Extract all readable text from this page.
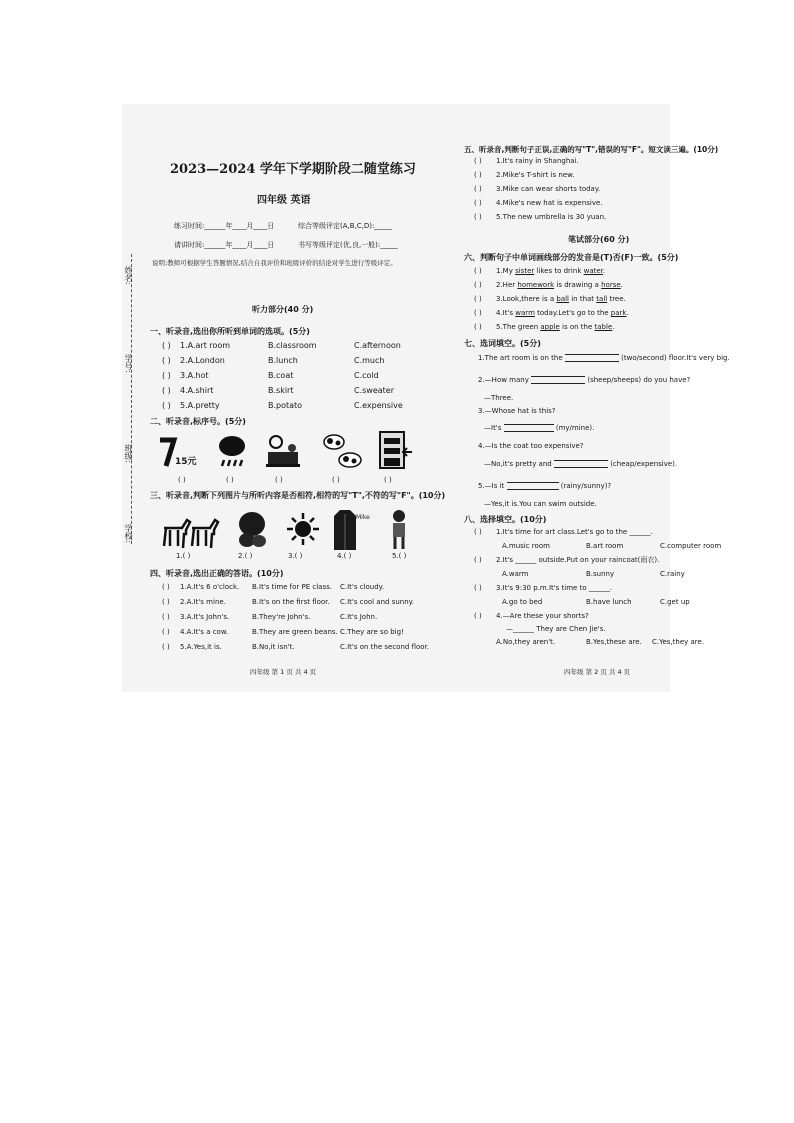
姓名:
学号:
班级:
学校:
2023—2024 学年下学期阶段二随堂练习
四年级 英语
练习时间:______年____月____日	综合等级评定(A,B,C,D):_____
请讲时间:______年____月____日	书写等级评定(优,良,一般):_____
说明:教师可根据学生答题情况,结合自我评价和班级评价的结论对学生进行等级评定。
听力部分(40 分)
一、听录音,选出你所听到单词的选项。(5分)
( ) 1.A.art room	B.classroom	C.afternoon
( ) 2.A.London	B.lunch	C.much
( ) 3.A.hot	B.coat	C.cold
( ) 4.A.shirt	B.skirt	C.sweater
( ) 5.A.pretty	B.potato	C.expensive
二、听录音,标序号。(5分)
15元
( )	( )	( )	( )	( )
三、听录音,判断下列图片与所听内容是否相符,相符的写"T",不符的写"F"。(10分)
Mike
1.( )	2.( )	3.( )	4.( )	5.( )
四、听录音,选出正确的答语。(10分)
( ) 1.A.It's 6 o'clock. B.It's time for PE class. C.It's cloudy.
( ) 2.A.It's mine.	B.It's on the first floor. C.It's cool and sunny.
( ) 3.A.It's John's.	B.They're John's.	C.It's John.
( ) 4.A.It's a cow.	B.They are green beans. C.They are so big!
( ) 5.A.Yes,it is.	B.No,it isn't.	C.It's on the second floor.
四年级 第 1 页 共 4 页
五、听录音,判断句子正误,正确的写"T",错误的写"F"。短文读三遍。(10分)
( ) 1.It's rainy in Shanghai.
( ) 2.Mike's T-shirt is new.
( ) 3.Mike can wear shorts today.
( ) 4.Mike's new hat is expensive.
( ) 5.The new umbrella is 30 yuan.
笔试部分(60 分)
六、判断句子中单词画线部分的发音是(T)否(F)一致。(5分)
( ) 1.My sister likes to drink water.
( ) 2.Her homework is drawing a horse.
( ) 3.Look,there is a ball in that tall tree.
( ) 4.It's warm today.Let's go to the park.
( ) 5.The green apple is on the table.
七、选词填空。(5分)
1.The art room is on the	(two/second) floor.It's very big.
2.—How many	(sheep/sheeps) do you have?
—Three.
3.—Whose hat is this?
—It's	(my/mine).
4.—Is the coat too expensive?
—No,it's pretty and	(cheap/expensive).
5.—Is it	(rainy/sunny)?
—Yes,it is.You can swim outside.
八、选择填空。(10分)
( ) 1.It's time for art class.Let's go to the ______.
A.music room	B.art room	C.computer room
( ) 2.It's ______ outside.Put on your raincoat(雨衣).
A.warm	B.sunny	C.rainy
( ) 3.It's 9:30 p.m.It's time to ______.
A.go to bed	B.have lunch	C.get up
( ) 4.—Are these your shorts?
—______ They are Chen Jie's.
A.No,they aren't.	B.Yes,these are. C.Yes,they are.
四年级 第 2 页 共 4 页
